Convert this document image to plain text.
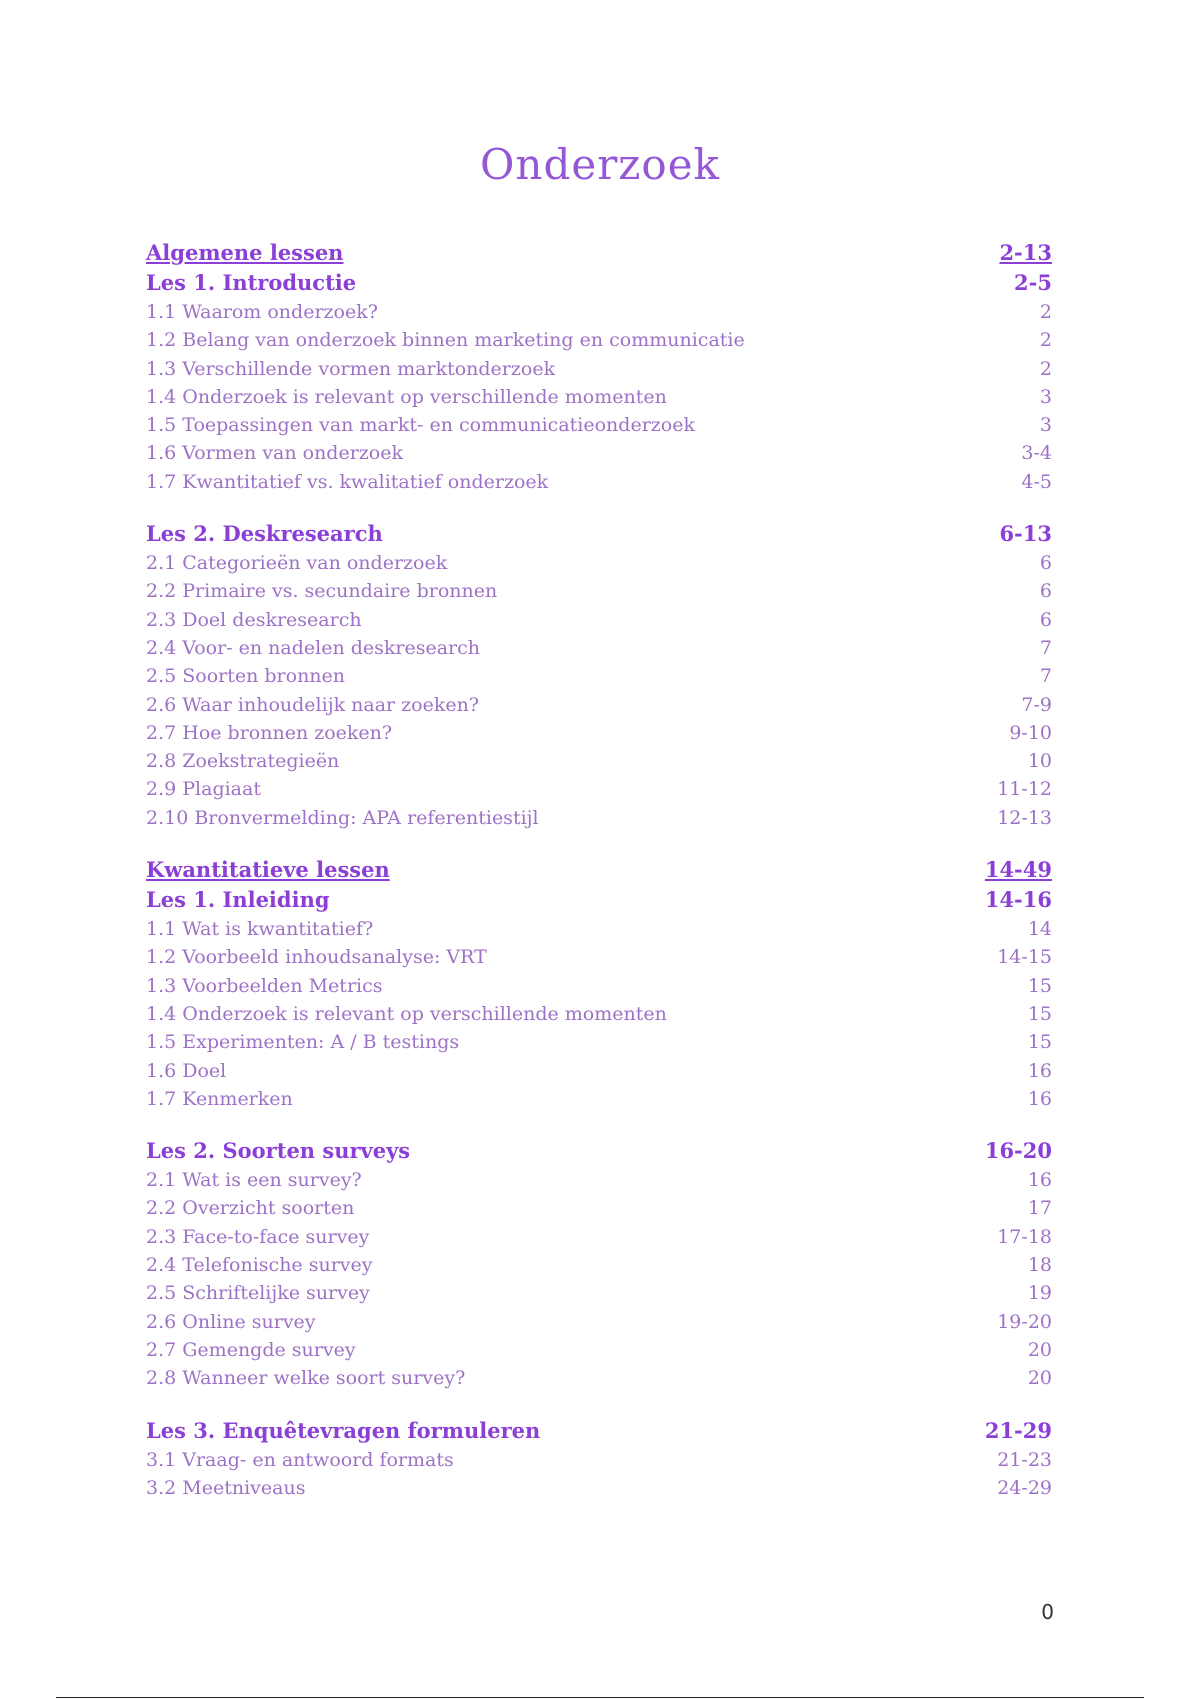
Onderzoek
Algemene lessen	2-13
Les 1. Introductie	2-5
1.1 Waarom onderzoek?	2
1.2 Belang van onderzoek binnen marketing en communicatie	2
1.3 Verschillende vormen marktonderzoek	2
1.4 Onderzoek is relevant op verschillende momenten	3
1.5 Toepassingen van markt- en communicatieonderzoek	3
1.6 Vormen van onderzoek	3-4
1.7 Kwantitatief vs. kwalitatief onderzoek	4-5
Les 2. Deskresearch	6-13
2.1 Categorieën van onderzoek	6
2.2 Primaire vs. secundaire bronnen	6
2.3 Doel deskresearch	6
2.4 Voor- en nadelen deskresearch	7
2.5 Soorten bronnen	7
2.6 Waar inhoudelijk naar zoeken?	7-9
2.7 Hoe bronnen zoeken?	9-10
2.8 Zoekstrategieën	10
2.9 Plagiaat	11-12
2.10 Bronvermelding: APA referentiestijl	12-13
Kwantitatieve lessen	14-49
Les 1. Inleiding	14-16
1.1 Wat is kwantitatief?	14
1.2 Voorbeeld inhoudsanalyse: VRT	14-15
1.3 Voorbeelden Metrics	15
1.4 Onderzoek is relevant op verschillende momenten	15
1.5 Experimenten: A / B testings	15
1.6 Doel	16
1.7 Kenmerken	16
Les 2. Soorten surveys	16-20
2.1 Wat is een survey?	16
2.2 Overzicht soorten	17
2.3 Face-to-face survey	17-18
2.4 Telefonische survey	18
2.5 Schriftelijke survey	19
2.6 Online survey	19-20
2.7 Gemengde survey	20
2.8 Wanneer welke soort survey?	20
Les 3. Enquêtevragen formuleren	21-29
3.1 Vraag- en antwoord formats	21-23
3.2 Meetniveaus	24-29
0
